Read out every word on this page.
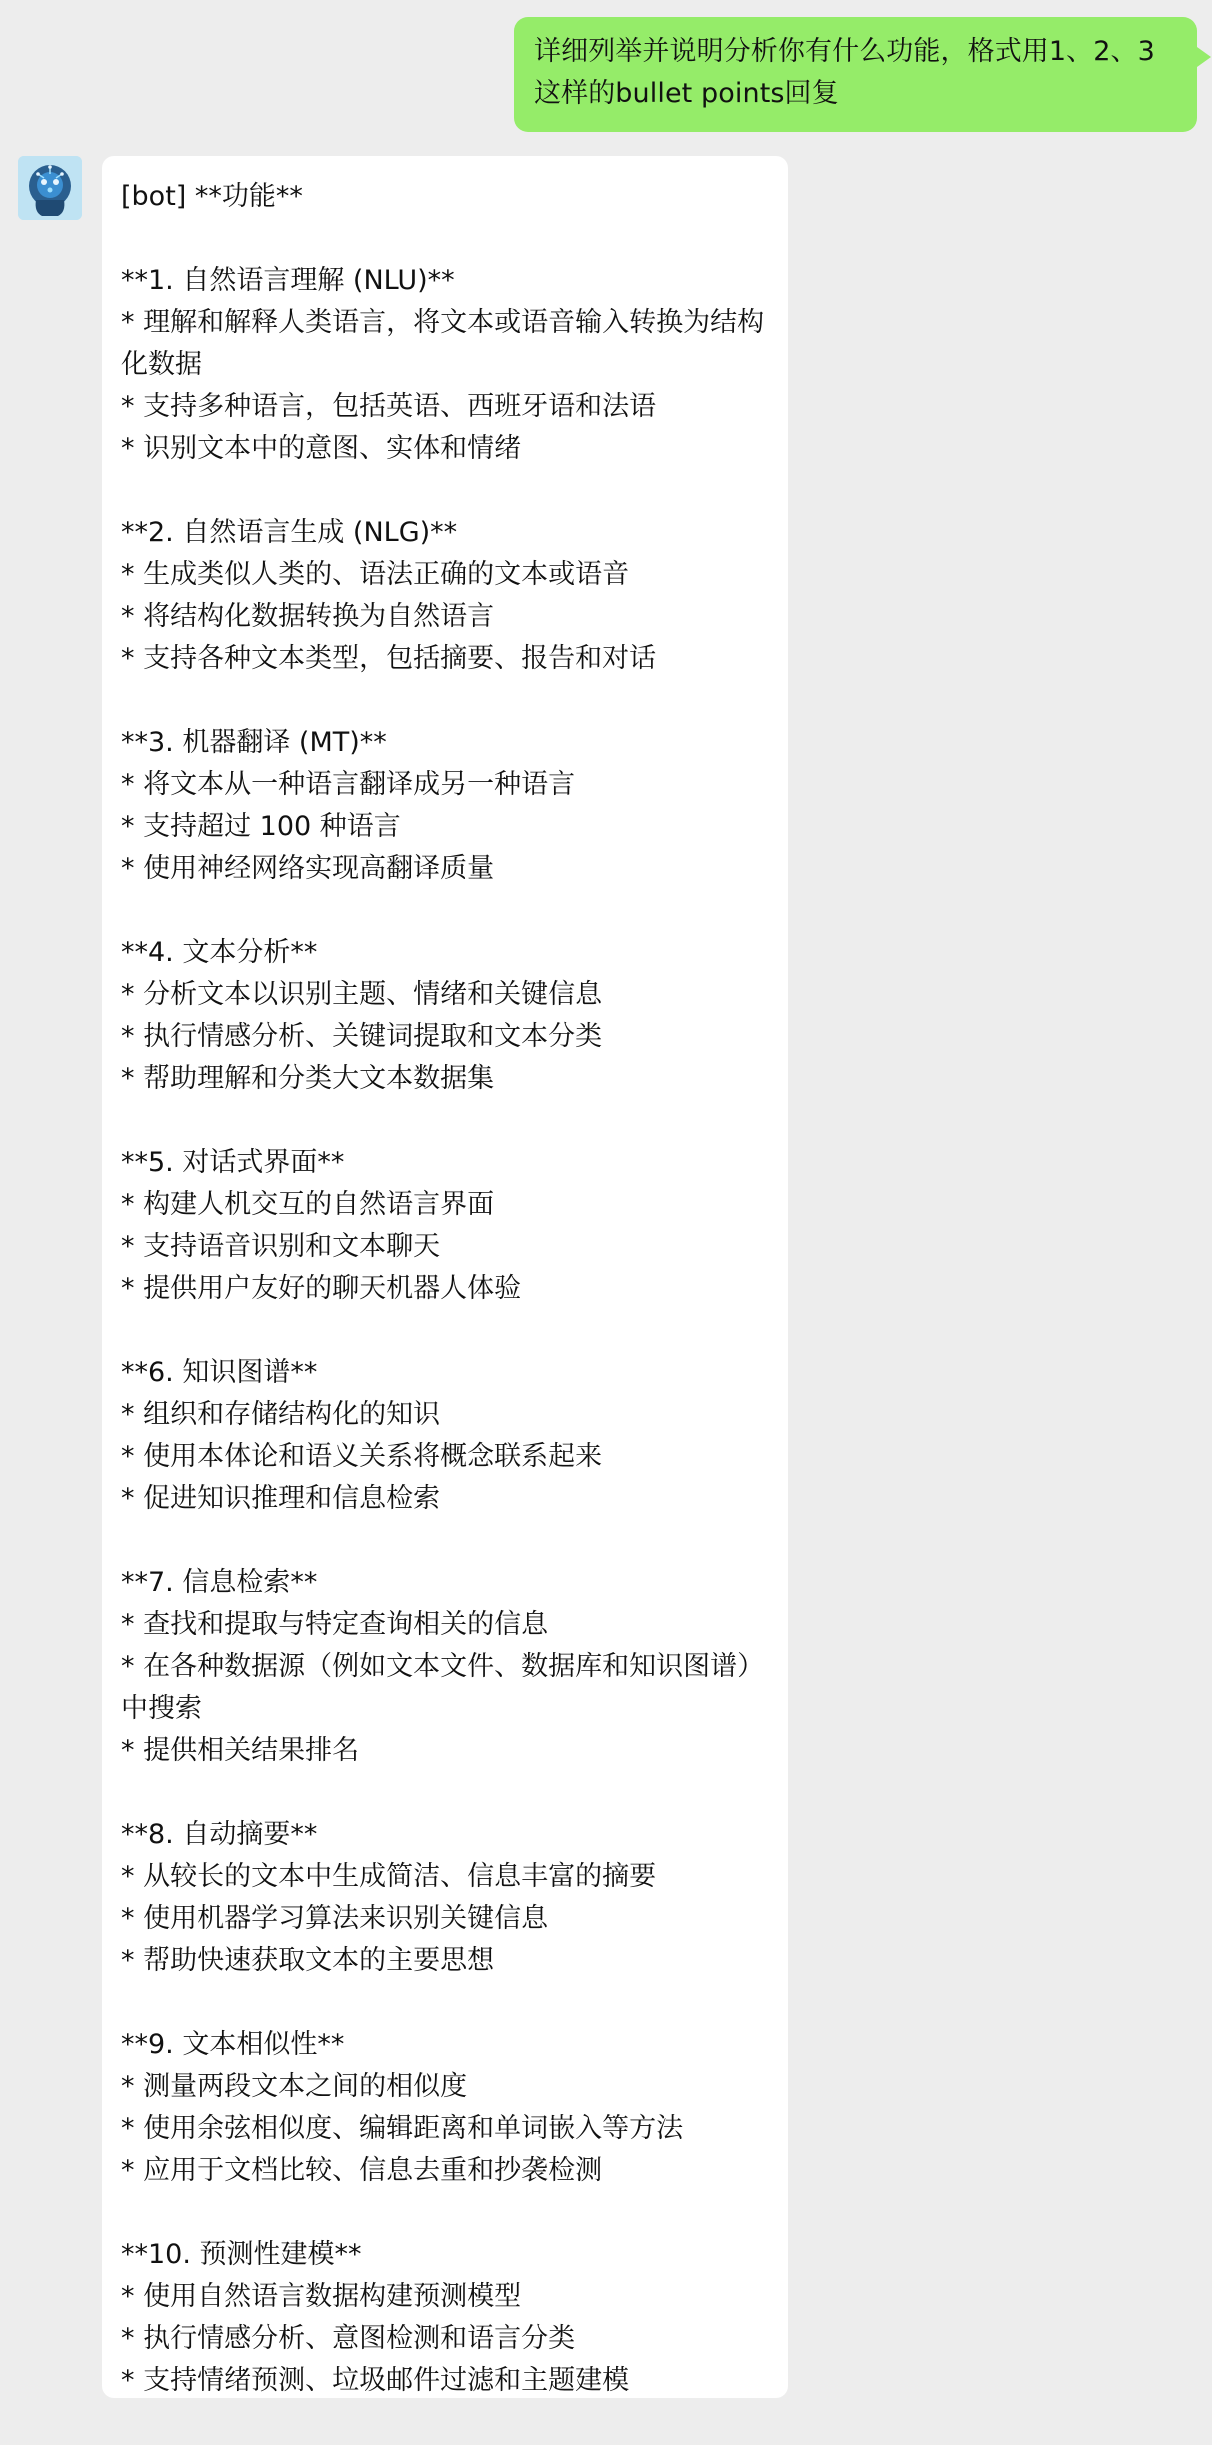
详细列举并说明分析你有什么功能，格式用1、2、3这样的bullet points回复
[bot] **功能**
**1. 自然语言理解 (NLU)**
* 理解和解释人类语言，将文本或语音输入转换为结构化数据
* 支持多种语言，包括英语、西班牙语和法语
* 识别文本中的意图、实体和情绪
**2. 自然语言生成 (NLG)**
* 生成类似人类的、语法正确的文本或语音
* 将结构化数据转换为自然语言
* 支持各种文本类型，包括摘要、报告和对话
**3. 机器翻译 (MT)**
* 将文本从一种语言翻译成另一种语言
* 支持超过 100 种语言
* 使用神经网络实现高翻译质量
**4. 文本分析**
* 分析文本以识别主题、情绪和关键信息
* 执行情感分析、关键词提取和文本分类
* 帮助理解和分类大文本数据集
**5. 对话式界面**
* 构建人机交互的自然语言界面
* 支持语音识别和文本聊天
* 提供用户友好的聊天机器人体验
**6. 知识图谱**
* 组织和存储结构化的知识
* 使用本体论和语义关系将概念联系起来
* 促进知识推理和信息检索
**7. 信息检索**
* 查找和提取与特定查询相关的信息
* 在各种数据源（例如文本文件、数据库和知识图谱）中搜索
* 提供相关结果排名
**8. 自动摘要**
* 从较长的文本中生成简洁、信息丰富的摘要
* 使用机器学习算法来识别关键信息
* 帮助快速获取文本的主要思想
**9. 文本相似性**
* 测量两段文本之间的相似度
* 使用余弦相似度、编辑距离和单词嵌入等方法
* 应用于文档比较、信息去重和抄袭检测
**10. 预测性建模**
* 使用自然语言数据构建预测模型
* 执行情感分析、意图检测和语言分类
* 支持情绪预测、垃圾邮件过滤和主题建模
